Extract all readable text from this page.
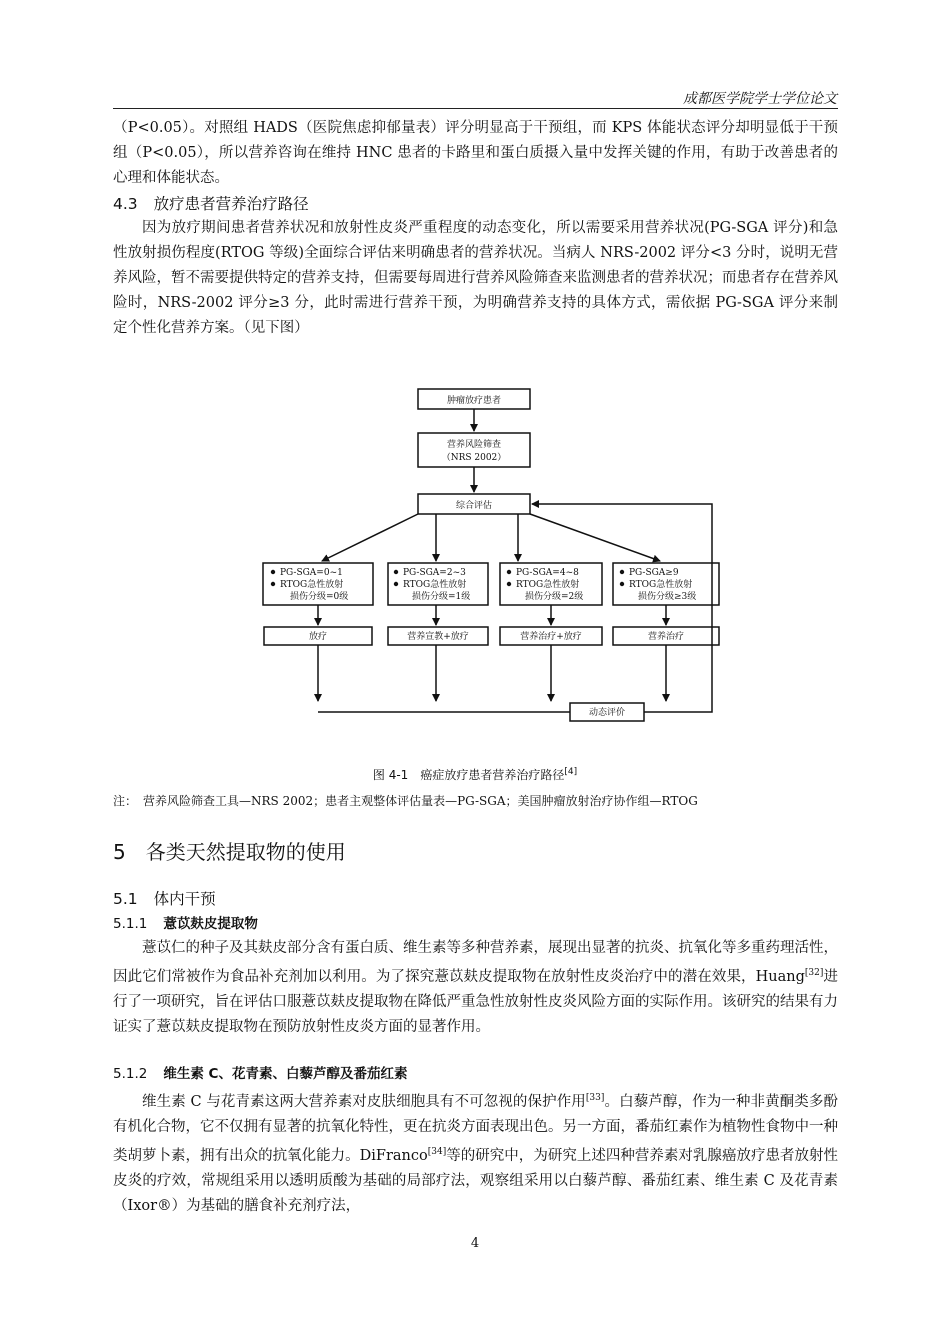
成都医学院学士学位论文
（P<0.05）。对照组 HADS（医院焦虑抑郁量表）评分明显高于干预组，而 KPS 体能状态评分却明显低于干预组（P<0.05），所以营养咨询在维持 HNC 患者的卡路里和蛋白质摄入量中发挥关键的作用，有助于改善患者的心理和体能状态。
4.3 放疗患者营养治疗路径
因为放疗期间患者营养状况和放射性皮炎严重程度的动态变化，所以需要采用营养状况(PG-SGA 评分)和急性放射损伤程度(RTOG 等级)全面综合评估来明确患者的营养状况。当病人 NRS-2002 评分<3 分时，说明无营养风险，暂不需要提供特定的营养支持，但需要每周进行营养风险筛查来监测患者的营养状况；而患者存在营养风险时，NRS-2002 评分≥3 分，此时需进行营养干预，为明确营养支持的具体方式，需依据 PG-SGA 评分来制定个性化营养方案。（见下图）
肿瘤放疗患者
营养风险筛查
（NRS 2002）
综合评估
PG-SGA=0~1
RTOG急性放射
损伤分级=0级
PG-SGA=2~3
RTOG急性放射
损伤分级=1级
PG-SGA=4~8
RTOG急性放射
损伤分级=2级
PG-SGA≥9
RTOG急性放射
损伤分级≥3级
放疗	营养宣教+放疗	营养治疗+放疗	营养治疗
动态评价
图 4-1　癌症放疗患者营养治疗路径[4]
注：　营养风险筛查工具—NRS 2002；患者主观整体评估量表—PG-SGA；美国肿瘤放射治疗协作组—RTOG
5 各类天然提取物的使用
5.1 体内干预
5.1.1 薏苡麸皮提取物
薏苡仁的种子及其麸皮部分含有蛋白质、维生素等多种营养素，展现出显著的抗炎、抗氧化等多重药理活性，因此它们常被作为食品补充剂加以利用。为了探究薏苡麸皮提取物在放射性皮炎治疗中的潜在效果，Huang[32]进行了一项研究，旨在评估口服薏苡麸皮提取物在降低严重急性放射性皮炎风险方面的实际作用。该研究的结果有力证实了薏苡麸皮提取物在预防放射性皮炎方面的显著作用。
5.1.2 维生素 C、花青素、白藜芦醇及番茄红素
维生素 C 与花青素这两大营养素对皮肤细胞具有不可忽视的保护作用[33]。白藜芦醇，作为一种非黄酮类多酚有机化合物，它不仅拥有显著的抗氧化特性，更在抗炎方面表现出色。另一方面，番茄红素作为植物性食物中一种类胡萝卜素，拥有出众的抗氧化能力。DiFranco[34]等的研究中，为研究上述四种营养素对乳腺癌放疗患者放射性皮炎的疗效，常规组采用以透明质酸为基础的局部疗法，观察组采用以白藜芦醇、番茄红素、维生素 C 及花青素（Ixor®）为基础的膳食补充剂疗法，
4
